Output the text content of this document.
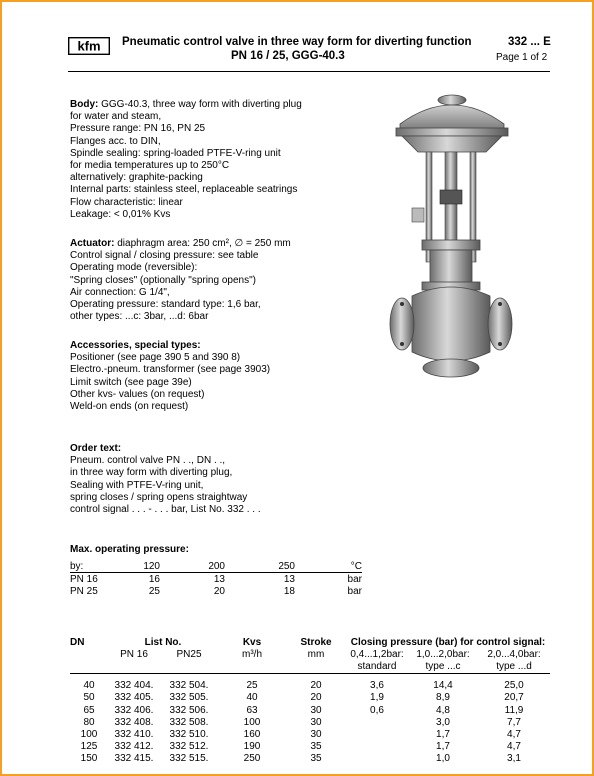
kfm Pneumatic control valve in three way form for diverting function
PN 16 / 25, GGG-40.3
332 ... E
Page 1 of 2
Body: GGG-40.3, three way form with diverting plug
for water and steam,
Pressure range: PN 16, PN 25
Flanges acc. to DIN,
Spindle sealing: spring-loaded PTFE-V-ring unit
for media temperatures up to 250°C
alternatively: graphite-packing
Internal parts: stainless steel, replaceable seatrings
Flow characteristic: linear
Leakage: < 0,01% Kvs
Actuator: diaphragm area: 250 cm², ∅ = 250 mm
Control signal / closing pressure: see table
Operating mode (reversible):
"Spring closes" (optionally "spring opens")
Air connection: G 1/4",
Operating pressure: standard type: 1,6 bar,
other types: ...c: 3bar, ...d: 6bar
Accessories, special types:
Positioner (see page 390 5 and 390 8)
Electro.-pneum. transformer (see page 3903)
Limit switch (see page 39e)
Other kvs- values (on request)
Weld-on ends (on request)
Order text:
Pneum. control valve PN . ., DN . .,
in three way form with diverting plug,
Sealing with PTFE-V-ring unit,
spring closes / spring opens straightway
control signal . . . - . . . bar, List No. 332 . . .
Max. operating pressure:
by:	120	200	250	°C
PN 16	16	13	13	bar
PN 25	25	20	18	bar
DN	List No.		Kvs	Stroke	Closing pressure (bar) for control signal:		
	PN 16	PN25	m³/h	mm	0,4...1,2bar:	1,0...2,0bar:	2,0...4,0bar:
					standard	type ...c	type ...d

40	332 404.	332 504.	25	20	3,6	14,4	25,0
50	332 405.	332 505.	40	20	1,9	8,9	20,7
65	332 406.	332 506.	63	30	0,6	4,8	11,9
80	332 408.	332 508.	100	30		3,0	7,7
100	332 410.	332 510.	160	30		1,7	4,7
125	332 412.	332 512.	190	35		1,7	4,7
150	332 415.	332 515.	250	35		1,0	3,1
